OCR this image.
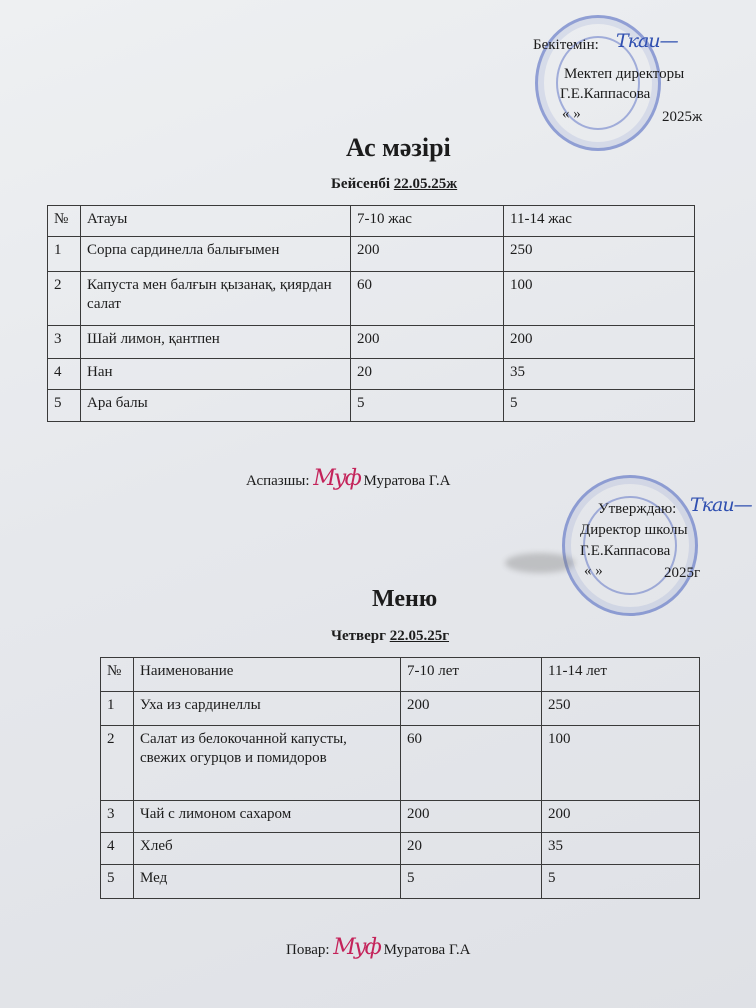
Бекітемін: Ткаи—
Мектеп директоры
Г.Е.Каппасова
« »	2025ж
Ас мәзірі
Бейсенбі 22.05.25ж
№	Атауы	7-10 жас	11-14 жас
1	Сорпа сардинелла балығымен	200	250
2	Капуста мен балғын қызанақ, қиярдан салат	60	100
3	Шай лимон, қантпен	200	200
4	Нан	20	35
5	Ара балы	5	5
Аспазшы: Муф Муратова Г.А
Утверждаю: Ткаи—
Директор школы
Г.Е.Каппасова
« »	2025г
Меню
Четверг 22.05.25г
№	Наименование	7-10 лет	11-14 лет
1	Уха из сардинеллы	200	250
2	Салат из белокочанной капусты, свежих огурцов и помидоров	60	100
3	Чай с лимоном сахаром	200	200
4	Хлеб	20	35
5	Мед	5	5
Повар: Муф Муратова Г.А
